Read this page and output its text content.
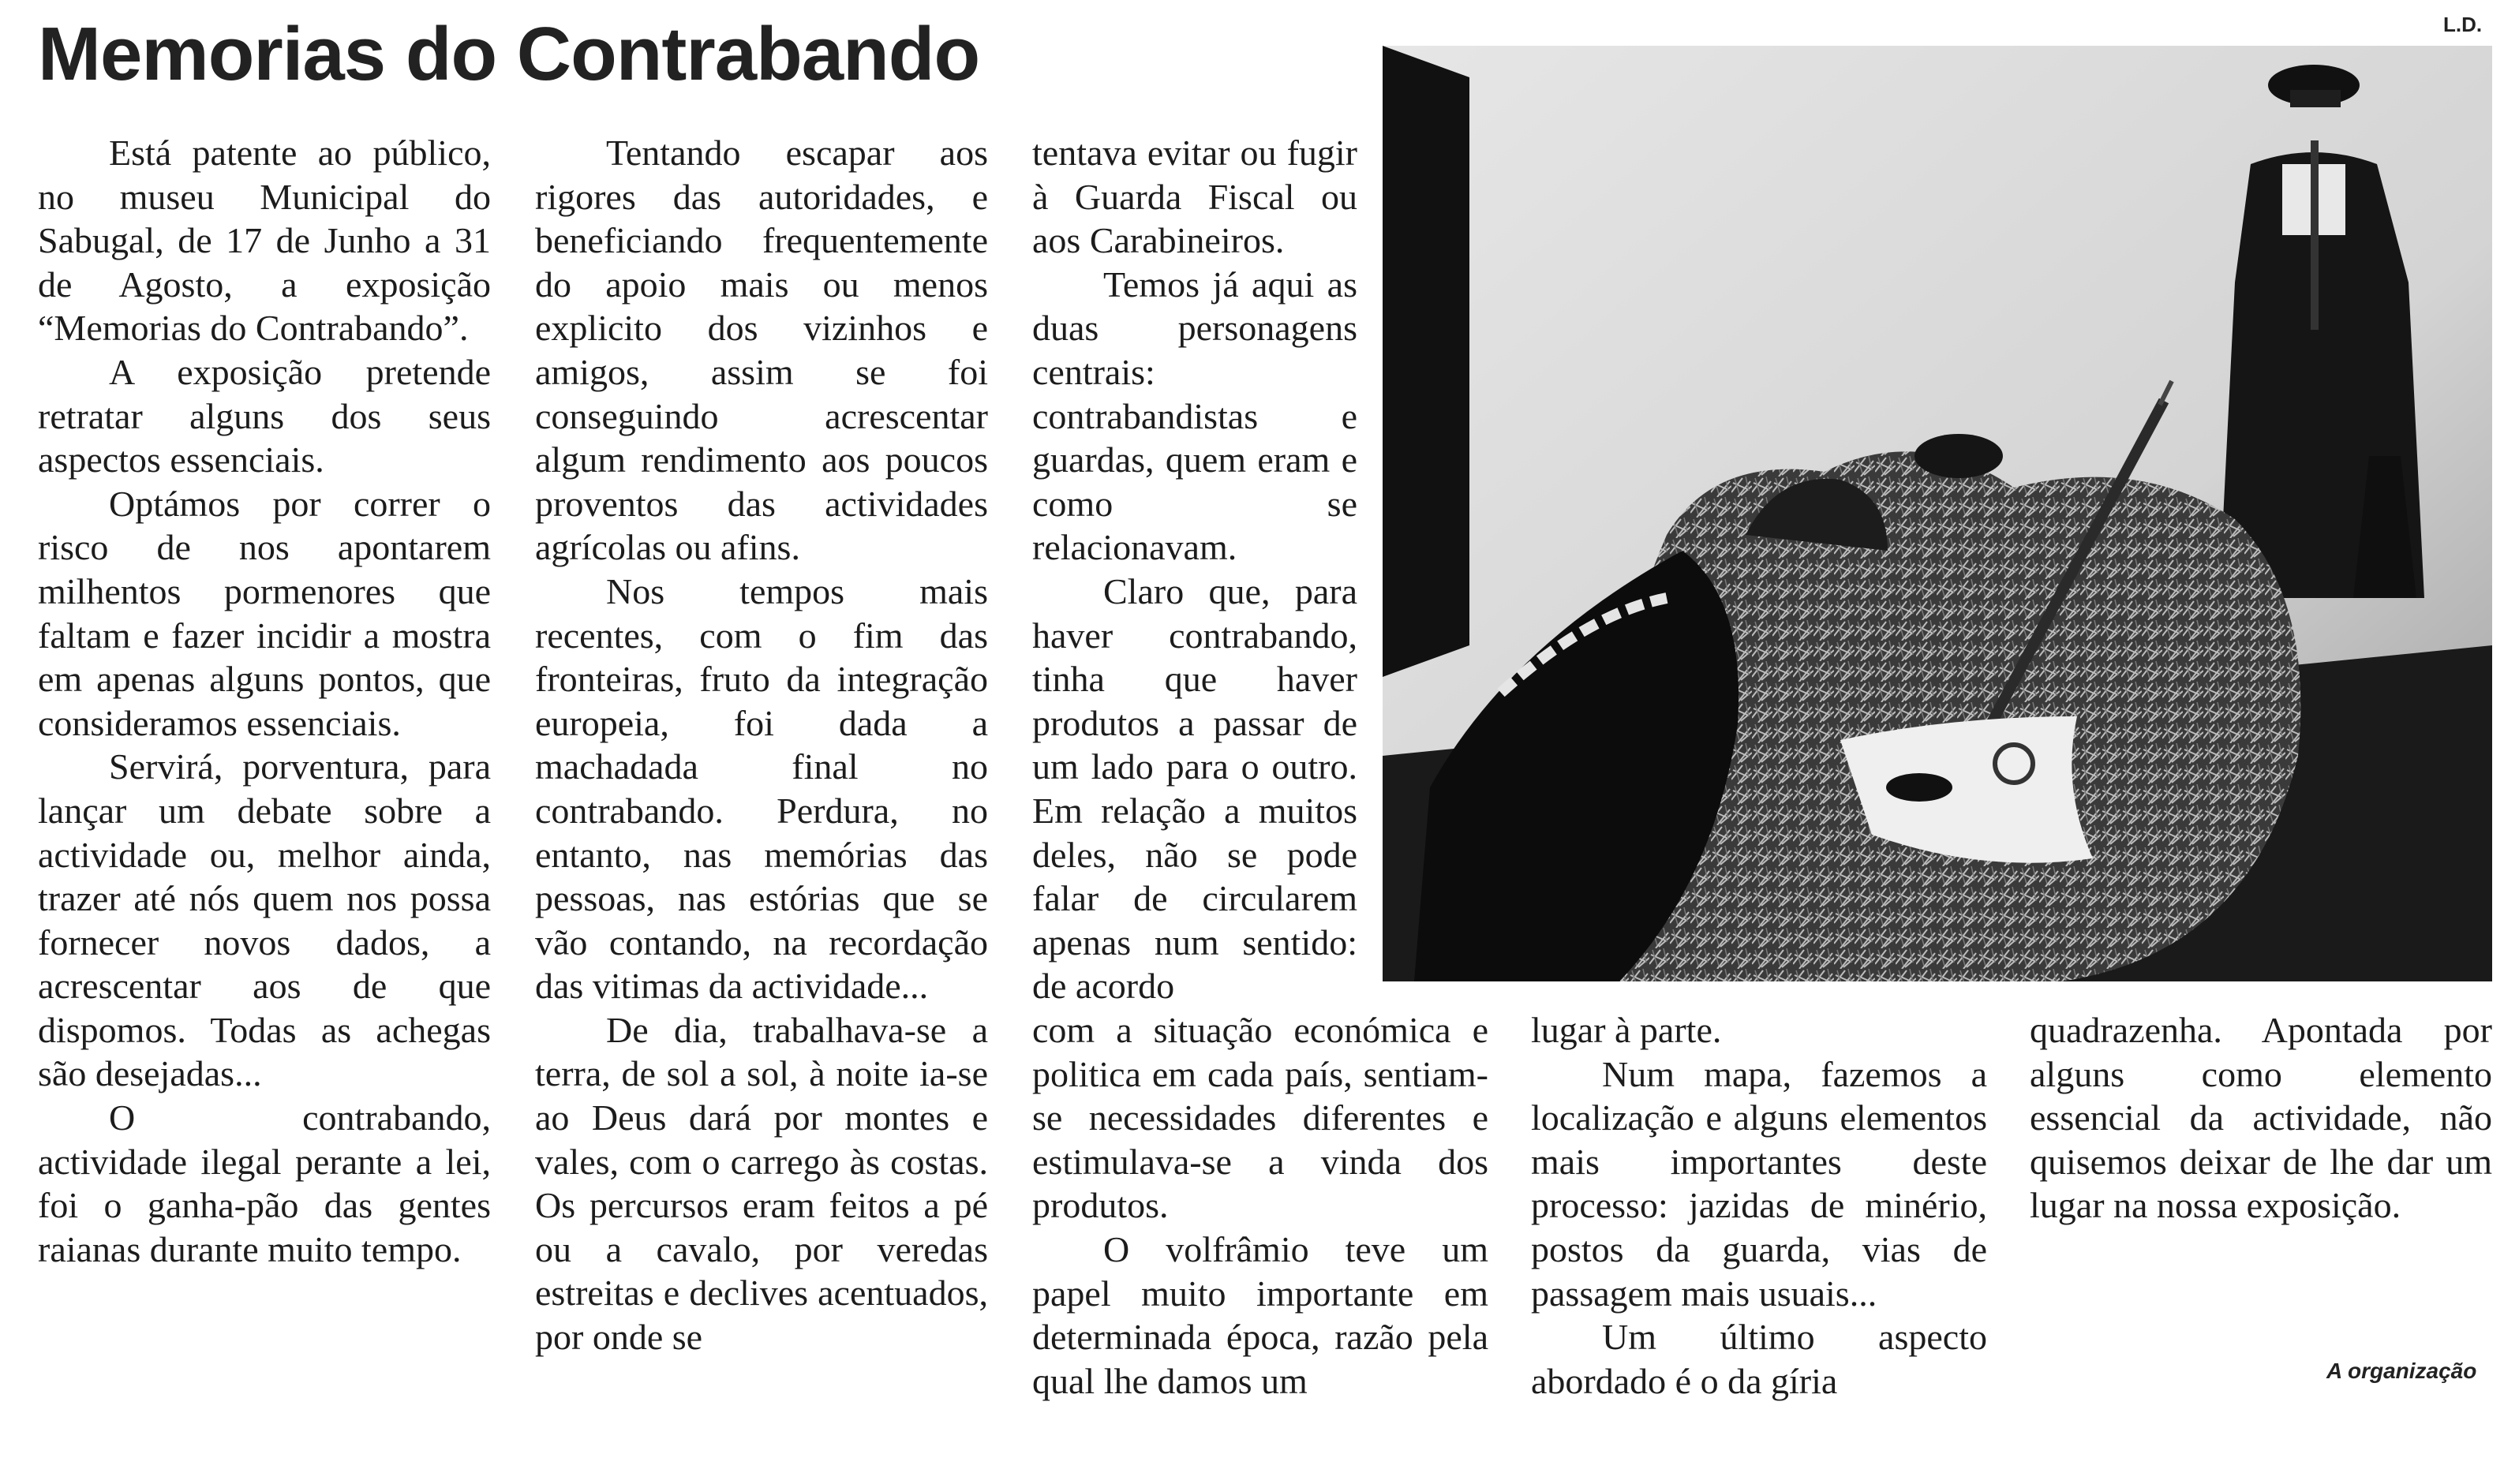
Memorias do Contrabando	L.D.

Está patente ao público, no museu Municipal do Sabugal, de 17 de Junho a 31 de Agosto, a exposição “Memorias do Contrabando”.

A exposição pretende retratar alguns dos seus aspectos essenciais.

Optámos por correr o risco de nos apontarem milhentos pormenores que faltam e fazer incidir a mostra em apenas alguns pontos, que consideramos essenciais.

Servirá, porventura, para lançar um debate sobre a actividade ou, melhor ainda, trazer até nós quem nos possa fornecer novos dados, a acrescentar aos de que dispomos. Todas as achegas são desejadas...

O contrabando, actividade ilegal perante a lei, foi o ganha-pão das gentes raianas durante muito tempo.

Tentando escapar aos rigores das autoridades, e beneficiando frequentemente do apoio mais ou menos explicito dos vizinhos e amigos, assim se foi conseguindo acrescentar algum rendimento aos poucos proventos das actividades agrícolas ou afins.

Nos tempos mais recentes, com o fim das fronteiras, fruto da integração europeia, foi dada a machadada final no contrabando. Perdura, no entanto, nas memórias das pessoas, nas estórias que se vão contando, na recordação das vitimas da actividade...

De dia, trabalhava-se a terra, de sol a sol, à noite ia-se ao Deus dará por montes e vales, com o carrego às costas. Os percursos eram feitos a pé ou a cavalo, por veredas estreitas e declives acentuados, por onde se

tentava evitar ou fugir à Guarda Fiscal ou aos Carabineiros.

Temos já aqui as duas personagens centrais: contrabandistas e guardas, quem eram e como se relacionavam.

Claro que, para haver contrabando, tinha que haver produtos a passar de um lado para o outro. Em relação a muitos deles, não se pode falar de circularem apenas num sentido: de acordo

com a situação económica e politica em cada país, sentiam-se necessidades diferentes e estimulava-se a vinda dos produtos.

O volfrâmio teve um papel muito importante em determinada época, razão pela qual lhe damos um

lugar à parte.

Num mapa, fazemos a localização e alguns elementos mais importantes deste processo: jazidas de minério, postos da guarda, vias de passagem mais usuais...

Um último aspecto abordado é o da gíria

quadrazenha. Apontada por alguns como elemento essencial da actividade, não quisemos deixar de lhe dar um lugar na nossa exposição.

A organização
